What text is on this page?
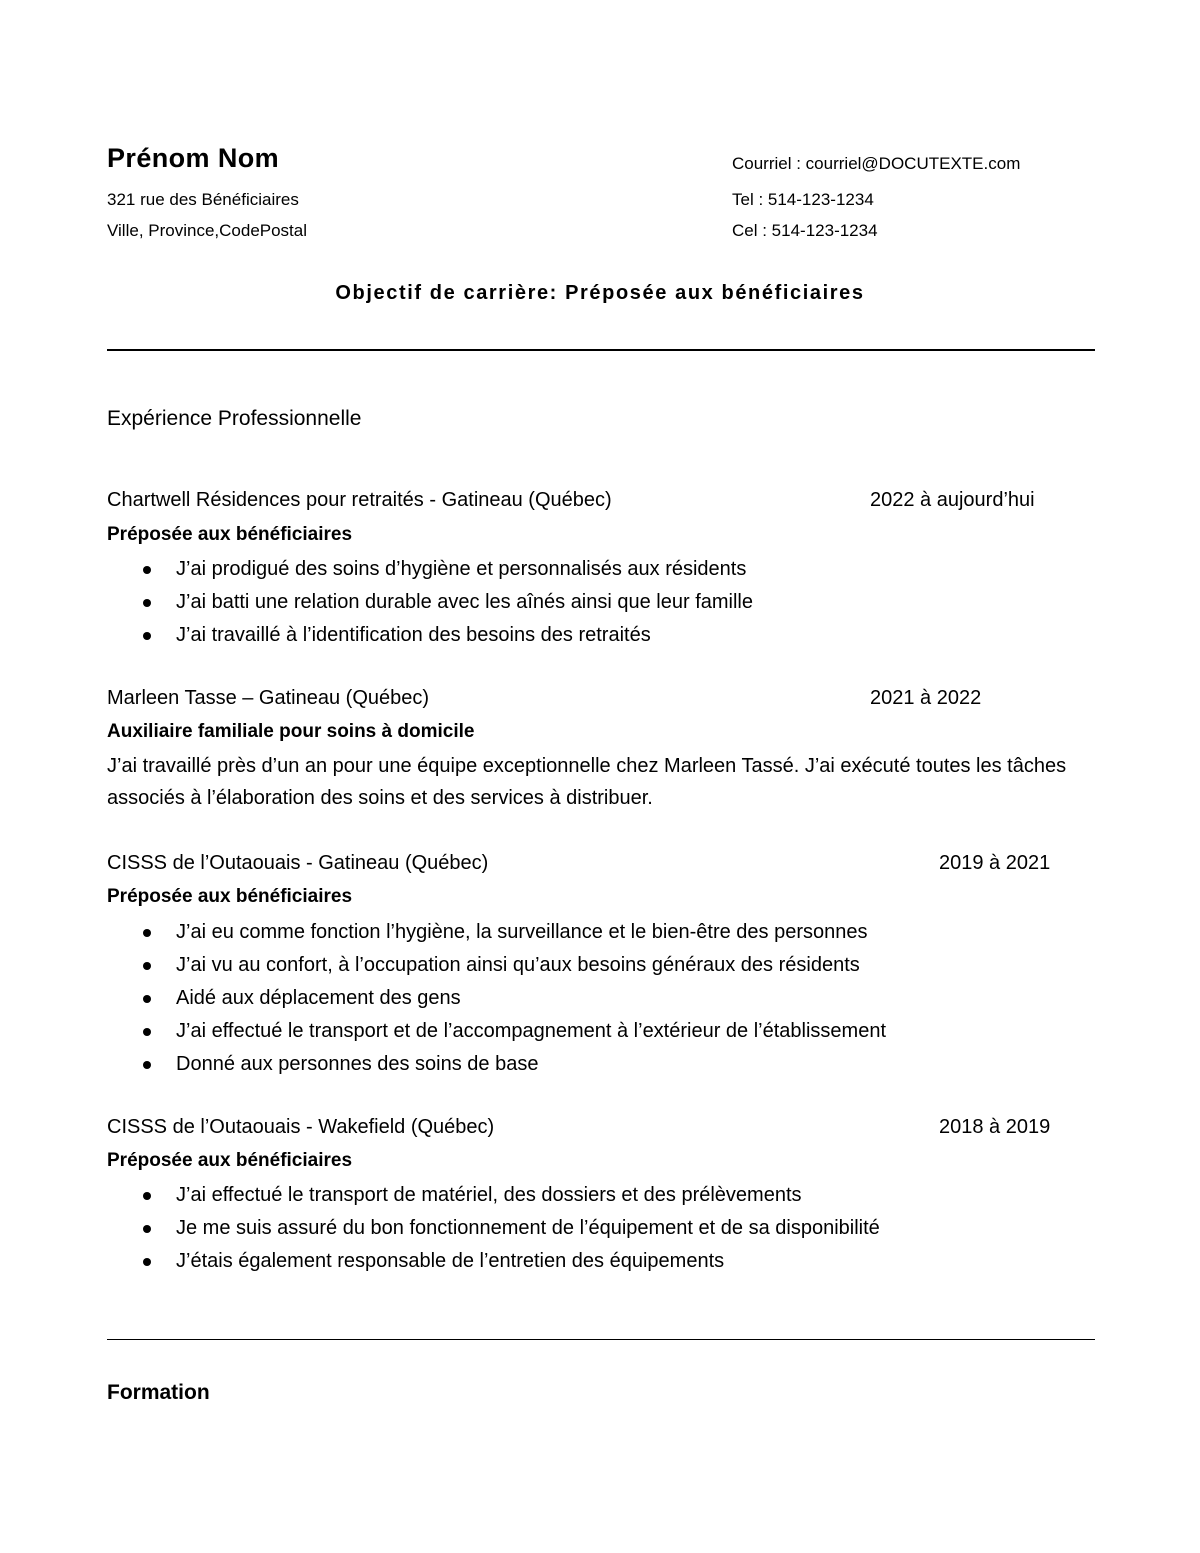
Prénom Nom
321 rue des Bénéficiaires
Ville, Province,CodePostal
Courriel : courriel@DOCUTEXTE.com
Tel : 514-123-1234
Cel : 514-123-1234
Objectif de carrière: Préposée aux bénéficiaires
Expérience Professionnelle
Chartwell Résidences pour retraités - Gatineau (Québec)	2022 à aujourd’hui
Préposée aux bénéficiaires
J’ai prodigué des soins d’hygiène et personnalisés aux résidents
J’ai batti une relation durable avec les aînés ainsi que leur famille
J’ai travaillé à l’identification des besoins des retraités
Marleen Tasse – Gatineau (Québec)	2021 à 2022
Auxiliaire familiale pour soins à domicile
J’ai travaillé près d’un an pour une équipe exceptionnelle chez Marleen Tassé. J’ai exécuté toutes les tâches associés à l’élaboration des soins et des services à distribuer.
CISSS de l’Outaouais - Gatineau (Québec)	2019 à 2021
Préposée aux bénéficiaires
J’ai eu comme fonction l’hygiène, la surveillance et le bien-être des personnes
J’ai vu au confort, à l’occupation ainsi qu’aux besoins généraux des résidents
Aidé aux déplacement des gens
J’ai effectué le transport et de l’accompagnement à l’extérieur de l’établissement
Donné aux personnes des soins de base
CISSS de l’Outaouais - Wakefield (Québec)	2018 à 2019
Préposée aux bénéficiaires
J’ai effectué le transport de matériel, des dossiers et des prélèvements
Je me suis assuré du bon fonctionnement de l’équipement et de sa disponibilité
J’étais également responsable de l’entretien des équipements
Formation
